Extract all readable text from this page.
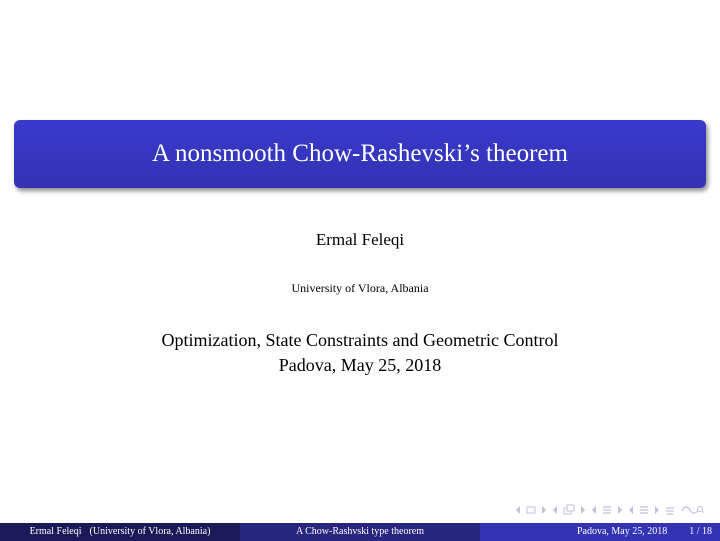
A nonsmooth Chow-Rashevski’s theorem
Ermal Feleqi
University of Vlora, Albania
Optimization, State Constraints and Geometric Control
Padova, May 25, 2018
Ermal Feleqi (University of Vlora, Albania)	A Chow-Rashvski type theorem	Padova, May 25, 2018 1 / 18
